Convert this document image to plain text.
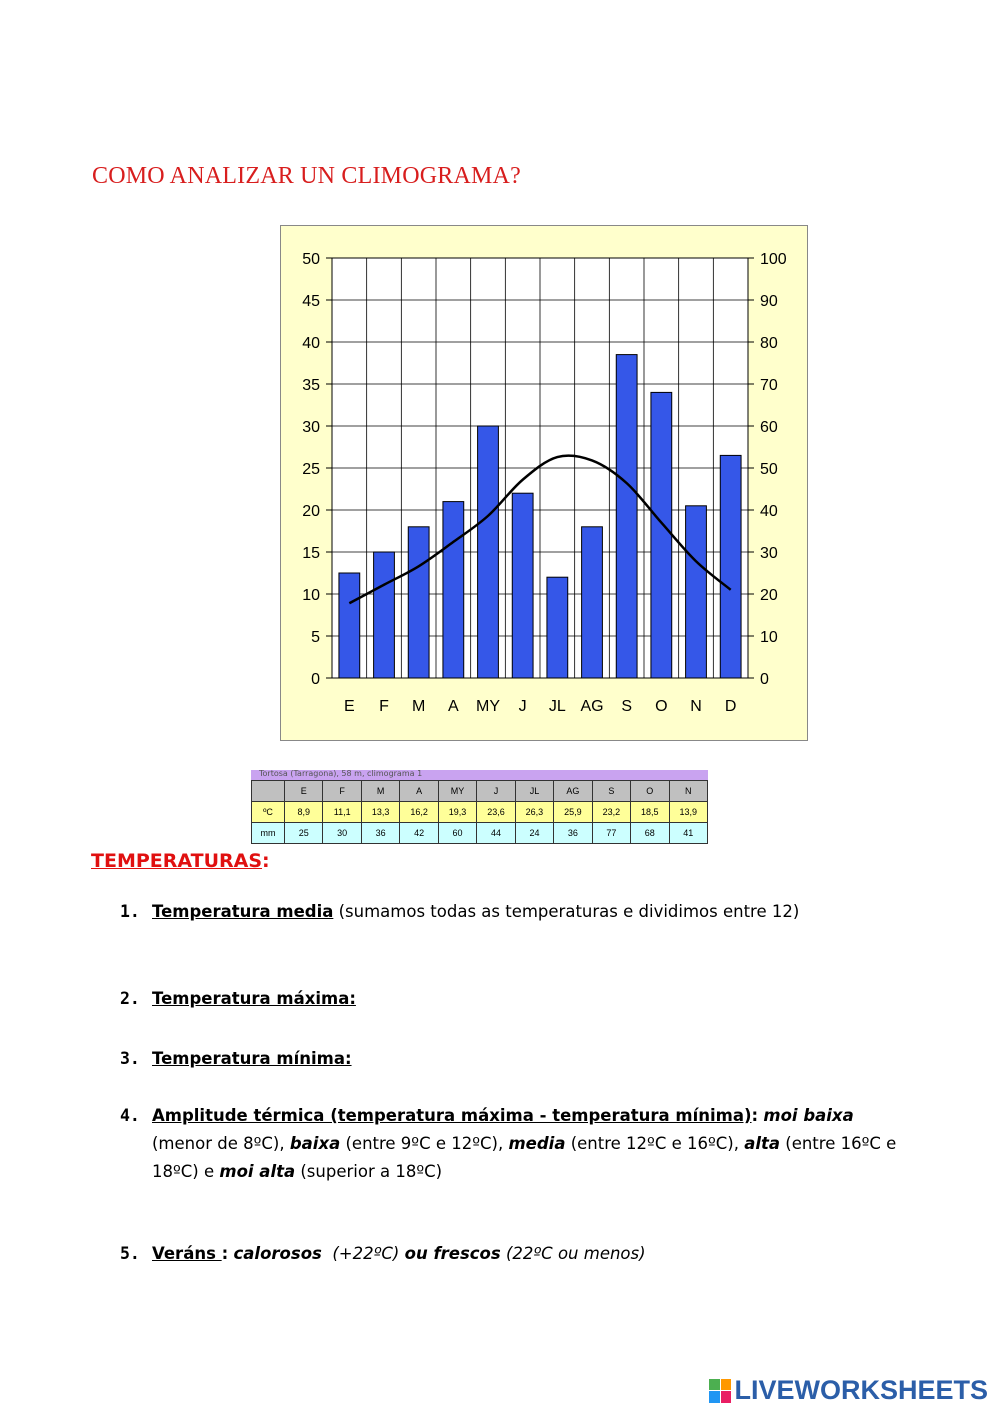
COMO ANALIZAR UN CLIMOGRAMA?
0	0
5	10
10	20
15	30
20	40
25	50
30	60
35	70
40	80
45	90
50	100
E F M A MY J JL AG S O N D
Tortosa (Tarragona), 58 m, climograma 1
	E	F	M	A	MY	J	JL	AG	S	O	N
ºC	8,9	11,1	13,3	16,2	19,3	23,6	26,3	25,9	23,2	18,5	13,9
mm	25	30	36	42	60	44	24	36	77	68	41
TEMPERATURAS:
1. Temperatura media (sumamos todas as temperaturas e dividimos entre 12)
2. Temperatura máxima:
3. Temperatura mínima:
4. Amplitude térmica (temperatura máxima - temperatura mínima): moi baixa (menor de 8ºC), baixa (entre 9ºC e 12ºC), media (entre 12ºC e 16ºC), alta (entre 16ºC e 18ºC) e moi alta (superior a 18ºC)
5. Veráns : calorosos (+22ºC) ou frescos (22ºC ou menos)
LIVEWORKSHEETS
